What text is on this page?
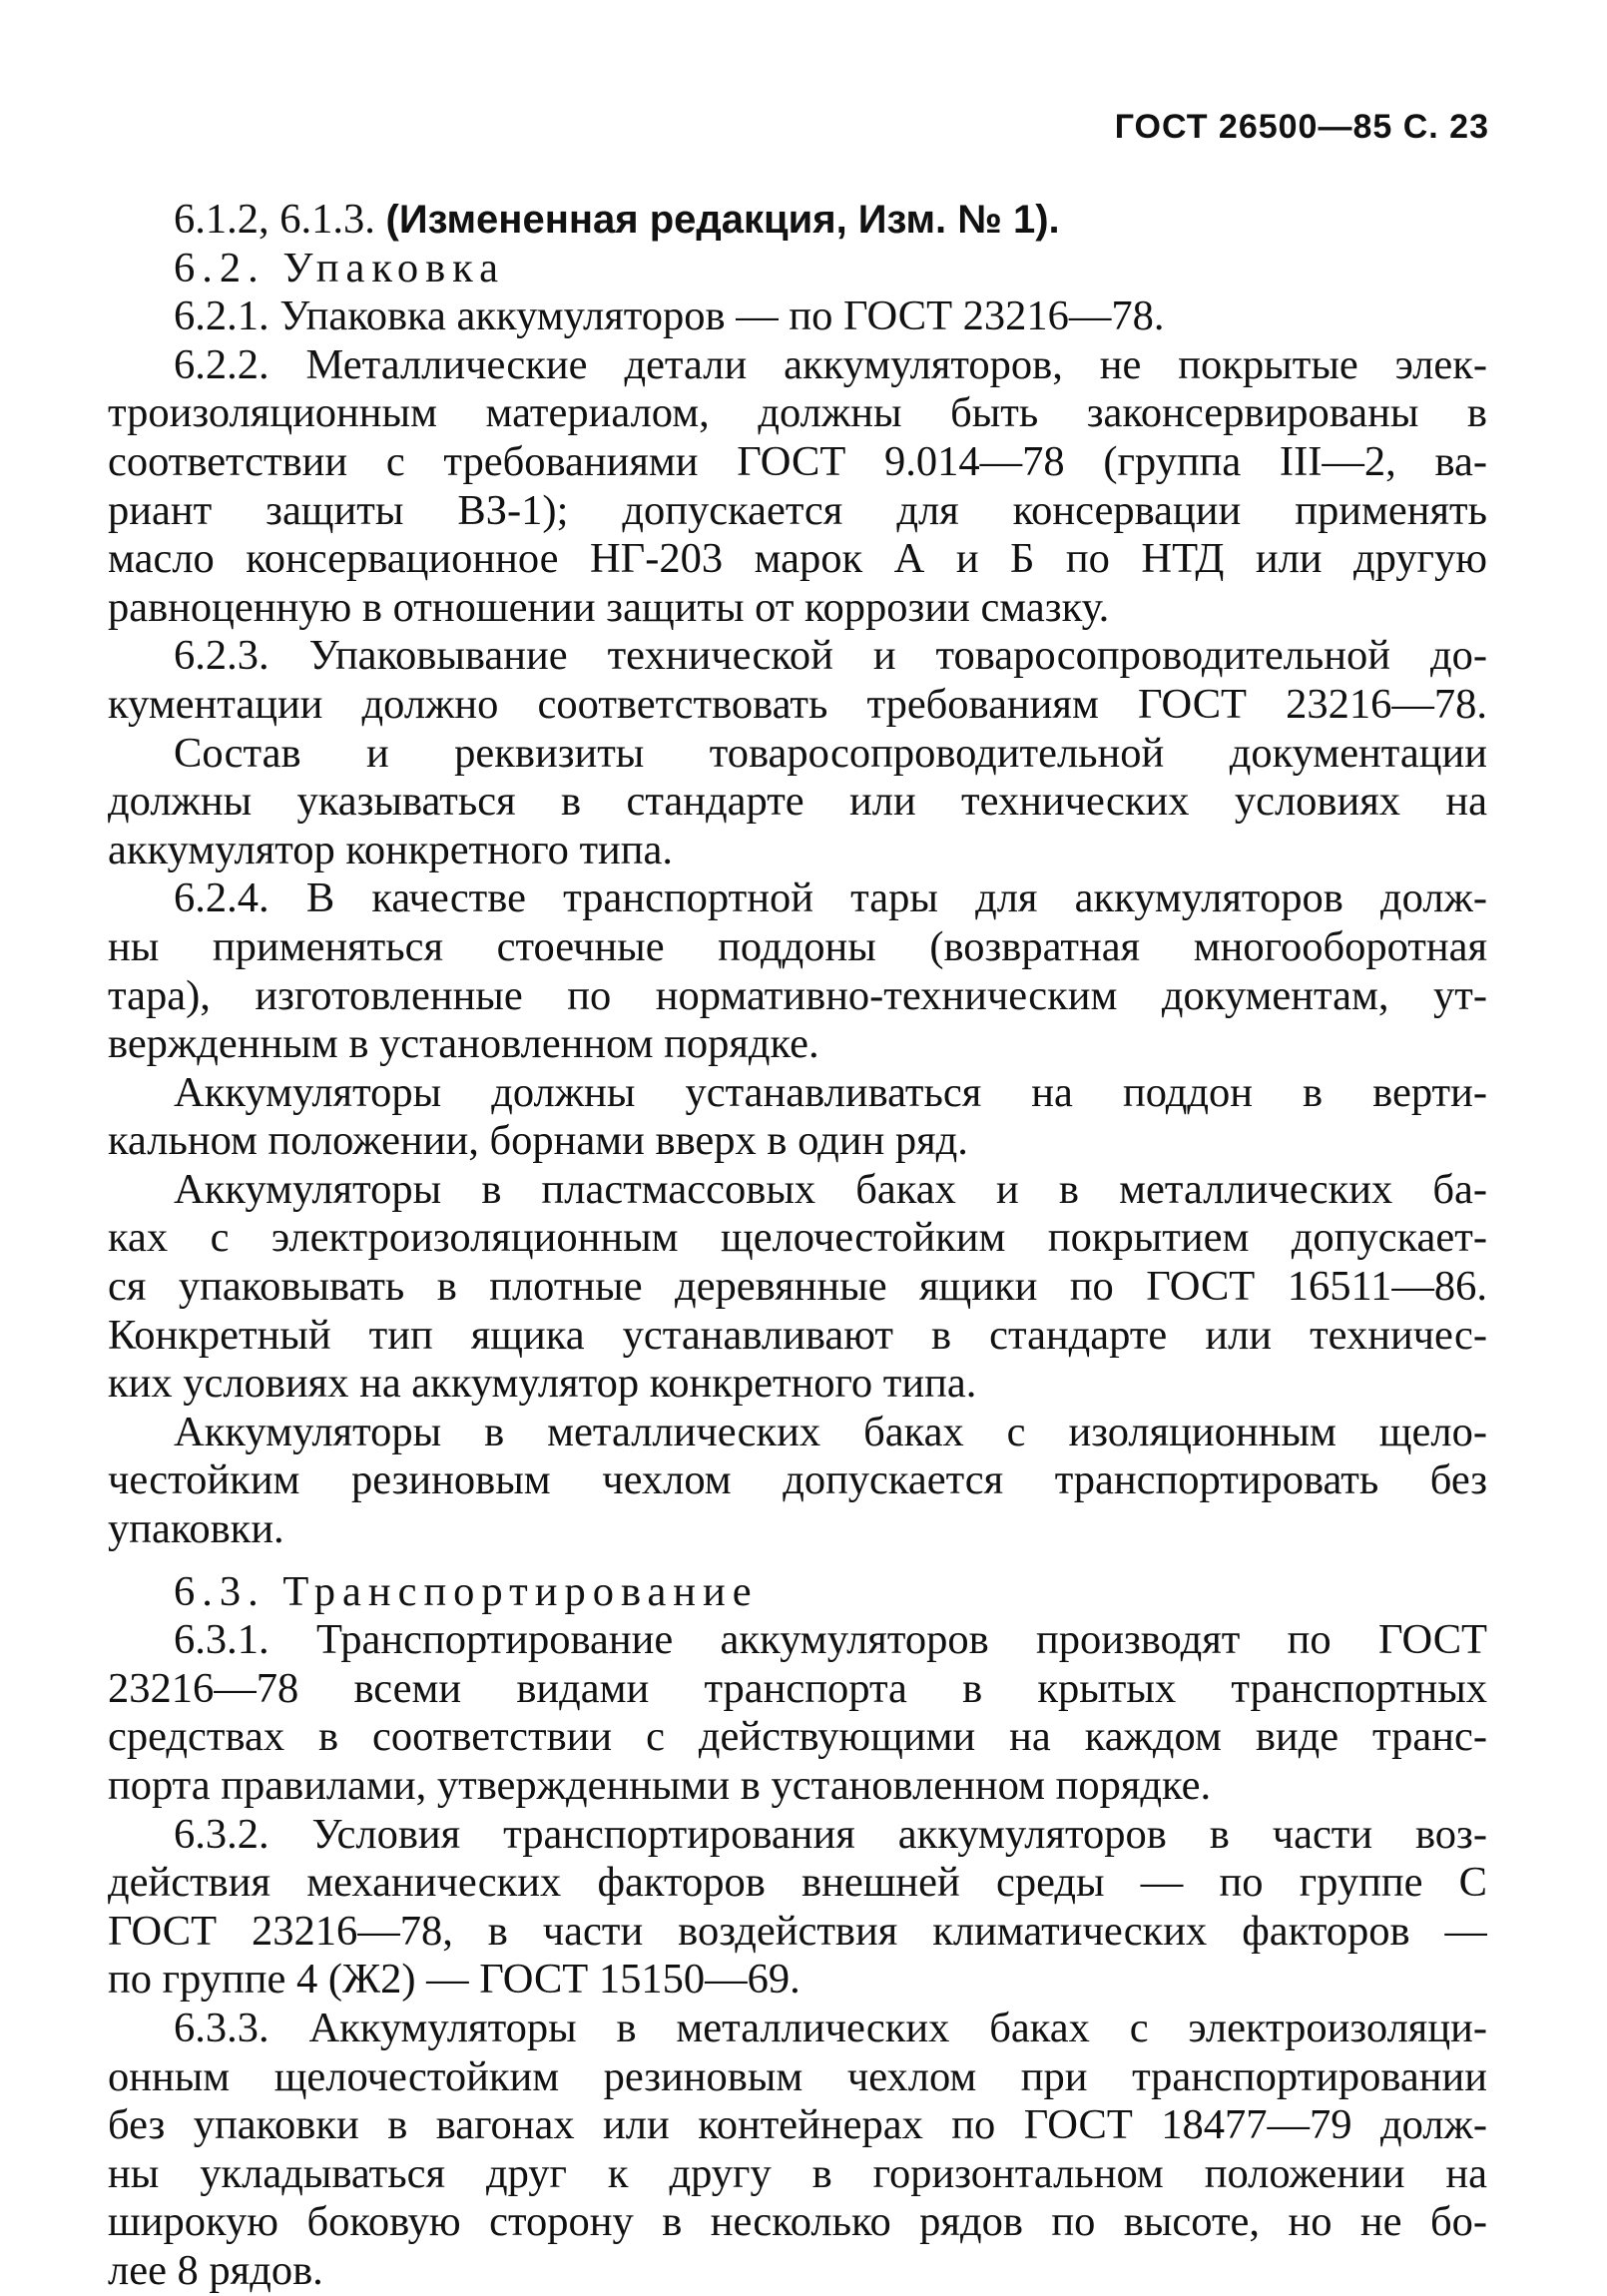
ГОСТ 26500—85 С. 23
6.1.2, 6.1.3. (Измененная редакция, Изм. № 1).
6.2. Упаковка
6.2.1. Упаковка аккумуляторов — по ГОСТ 23216—78.
6.2.2. Металлические детали аккумуляторов, не покрытые элек-
троизоляционным материалом, должны быть законсервированы в
соответствии с требованиями ГОСТ 9.014—78 (группа III—2, ва-
риант защиты ВЗ-1); допускается для консервации применять
масло консервационное НГ-203 марок А и Б по НТД или другую
равноценную в отношении защиты от коррозии смазку.
6.2.3. Упаковывание технической и товаросопроводительной до-
кументации должно соответствовать требованиям ГОСТ 23216—78.
Состав и реквизиты товаросопроводительной документации
должны указываться в стандарте или технических условиях на
аккумулятор конкретного типа.
6.2.4. В качестве транспортной тары для аккумуляторов долж-
ны применяться стоечные поддоны (возвратная многооборотная
тара), изготовленные по нормативно-техническим документам, ут-
вержденным в установленном порядке.
Аккумуляторы должны устанавливаться на поддон в верти-
кальном положении, борнами вверх в один ряд.
Аккумуляторы в пластмассовых баках и в металлических ба-
ках с электроизоляционным щелочестойким покрытием допускает-
ся упаковывать в плотные деревянные ящики по ГОСТ 16511—86.
Конкретный тип ящика устанавливают в стандарте или техничес-
ких условиях на аккумулятор конкретного типа.
Аккумуляторы в металлических баках с изоляционным щело-
честойким резиновым чехлом допускается транспортировать без
упаковки.
6.3. Транспортирование
6.3.1. Транспортирование аккумуляторов производят по ГОСТ
23216—78 всеми видами транспорта в крытых транспортных
средствах в соответствии с действующими на каждом виде транс-
порта правилами, утвержденными в установленном порядке.
6.3.2. Условия транспортирования аккумуляторов в части воз-
действия механических факторов внешней среды — по группе С
ГОСТ 23216—78, в части воздействия климатических факторов —
по группе 4 (Ж2) — ГОСТ 15150—69.
6.3.3. Аккумуляторы в металлических баках с электроизоляци-
онным щелочестойким резиновым чехлом при транспортировании
без упаковки в вагонах или контейнерах по ГОСТ 18477—79 долж-
ны укладываться друг к другу в горизонтальном положении на
широкую боковую сторону в несколько рядов по высоте, но не бо-
лее 8 рядов.
